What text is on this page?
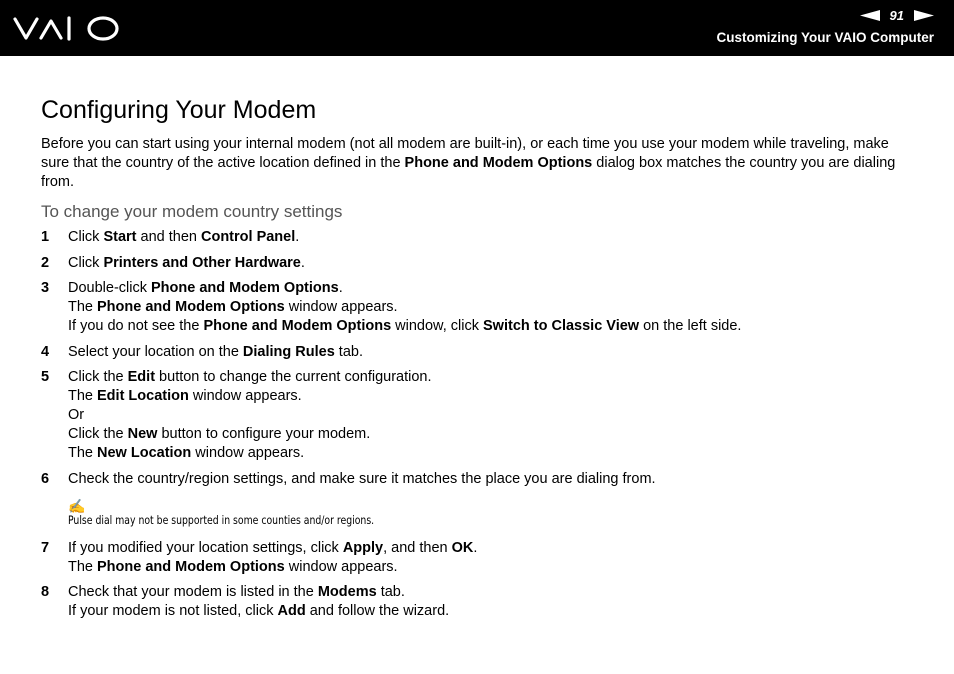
91
Customizing Your VAIO Computer
Configuring Your Modem

Before you can start using your internal modem (not all modem are built-in), or each time you use your modem while traveling, make sure that the country of the active location defined in the Phone and Modem Options dialog box matches the country you are dialing from.

To change your modem country settings
1	Click Start and then Control Panel.

2	Click Printers and Other Hardware.

3	Double-click Phone and Modem Options.

The Phone and Modem Options window appears.

If you do not see the Phone and Modem Options window, click Switch to Classic View on the left side.

4	Select your location on the Dialing Rules tab.

5	Click the Edit button to change the current configuration.

The Edit Location window appears.

Or

Click the New button to configure your modem.

The New Location window appears.

6	Check the country/region settings, and make sure it matches the place you are dialing from.

✍
Pulse dial may not be supported in some counties and/or regions.
7	If you modified your location settings, click Apply, and then OK.

The Phone and Modem Options window appears.

8	Check that your modem is listed in the Modems tab.

If your modem is not listed, click Add and follow the wizard.
